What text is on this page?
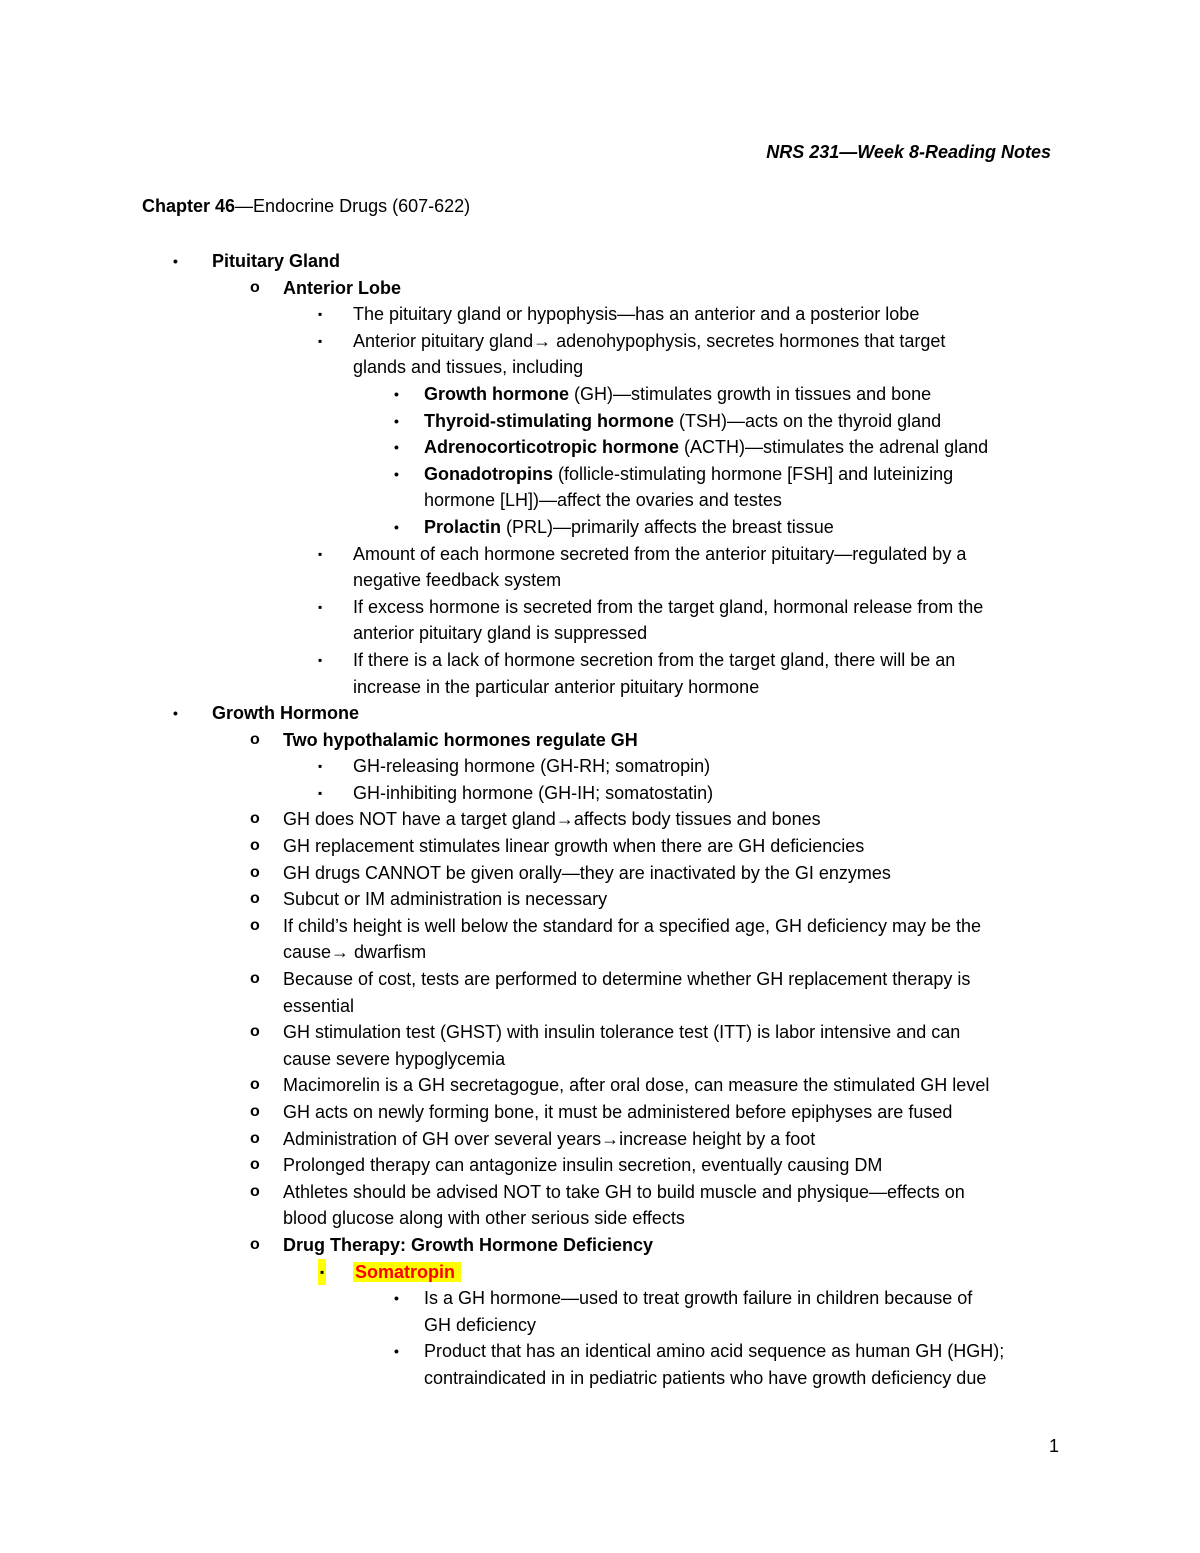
NRS 231—Week 8-Reading Notes
Chapter 46—Endocrine Drugs (607-622)
• Pituitary Gland
o Anterior Lobe
▪ The pituitary gland or hypophysis—has an anterior and a posterior lobe
▪ Anterior pituitary gland→ adenohypophysis, secretes hormones that target
glands and tissues, including
• Growth hormone (GH)—stimulates growth in tissues and bone
• Thyroid-stimulating hormone (TSH)—acts on the thyroid gland
• Adrenocorticotropic hormone (ACTH)—stimulates the adrenal gland
• Gonadotropins (follicle-stimulating hormone [FSH] and luteinizing
hormone [LH])—affect the ovaries and testes
• Prolactin (PRL)—primarily affects the breast tissue
▪ Amount of each hormone secreted from the anterior pituitary—regulated by a
negative feedback system
▪ If excess hormone is secreted from the target gland, hormonal release from the
anterior pituitary gland is suppressed
▪ If there is a lack of hormone secretion from the target gland, there will be an
increase in the particular anterior pituitary hormone
• Growth Hormone
o Two hypothalamic hormones regulate GH
▪ GH-releasing hormone (GH-RH; somatropin)
▪ GH-inhibiting hormone (GH-IH; somatostatin)
o GH does NOT have a target gland→affects body tissues and bones
o GH replacement stimulates linear growth when there are GH deficiencies
o GH drugs CANNOT be given orally—they are inactivated by the GI enzymes
o Subcut or IM administration is necessary
o If child’s height is well below the standard for a specified age, GH deficiency may be the
cause→ dwarfism
o Because of cost, tests are performed to determine whether GH replacement therapy is
essential
o GH stimulation test (GHST) with insulin tolerance test (ITT) is labor intensive and can
cause severe hypoglycemia
o Macimorelin is a GH secretagogue, after oral dose, can measure the stimulated GH level
o GH acts on newly forming bone, it must be administered before epiphyses are fused
o Administration of GH over several years→increase height by a foot
o Prolonged therapy can antagonize insulin secretion, eventually causing DM
o Athletes should be advised NOT to take GH to build muscle and physique—effects on
blood glucose along with other serious side effects
o Drug Therapy: Growth Hormone Deficiency
▪ Somatropin
• Is a GH hormone—used to treat growth failure in children because of
GH deficiency
• Product that has an identical amino acid sequence as human GH (HGH);
contraindicated in in pediatric patients who have growth deficiency due
1
